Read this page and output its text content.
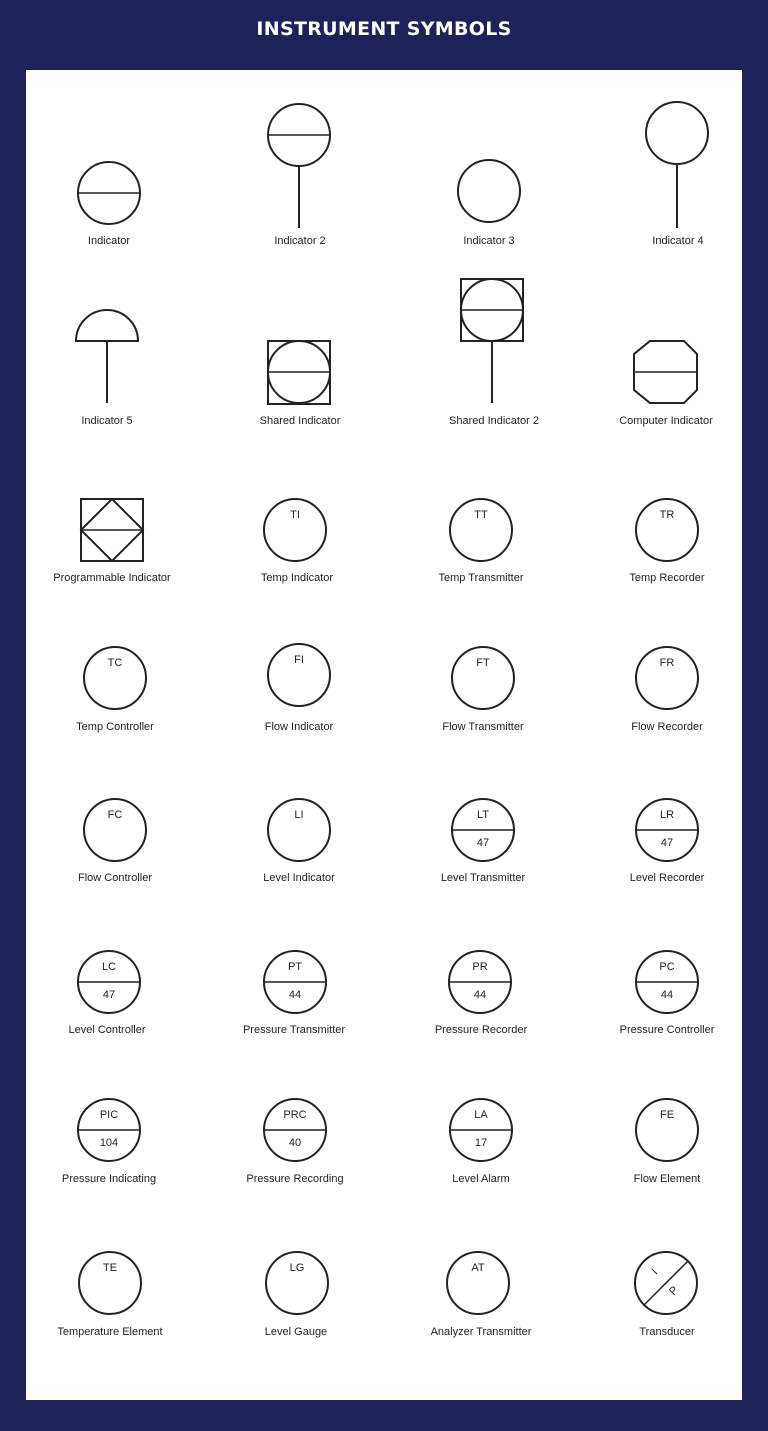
INSTRUMENT SYMBOLS
TI	TT	TR
TC	FI	FT	FR
FC	LI	LT
47
LR
47
LC
47
PT
44
PR
44
PC
44
PIC
104
PRC
40
LA
17
FE
TE	LG	AT	I
P
Indicator	Indicator 2	Indicator 3	Indicator 4
Indicator 5	Shared Indicator	Shared Indicator 2	Computer Indicator
Programmable Indicator	Temp Indicator	Temp Transmitter	Temp Recorder
Temp Controller	Flow Indicator	Flow Transmitter	Flow Recorder
Flow Controller	Level Indicator	Level Transmitter	Level Recorder
Level Controller	Pressure Transmitter	Pressure Recorder	Pressure Controller
Pressure Indicating	Pressure Recording	Level Alarm	Flow Element
Temperature Element	Level Gauge	Analyzer Transmitter	Transducer
